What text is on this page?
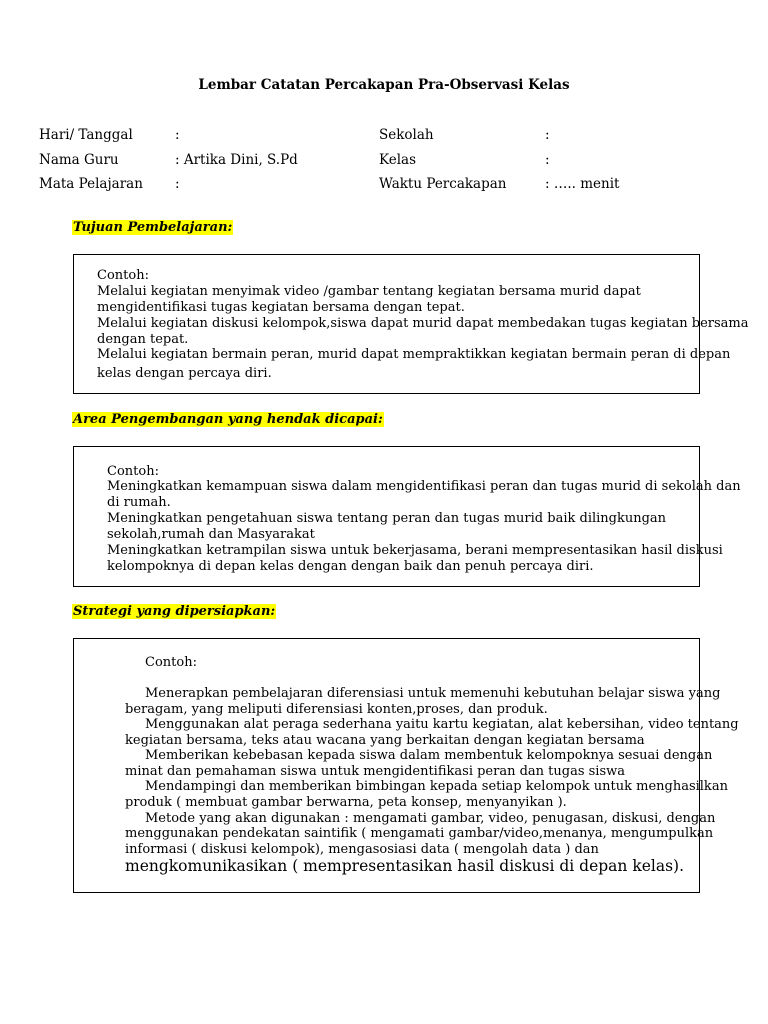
Lembar Catatan Percakapan Pra-Observasi Kelas
Hari/ Tanggal	:
Nama Guru	: Artika Dini, S.Pd
Mata Pelajaran :
Sekolah	:
Kelas	:
Waktu Percakapan	: ….. menit
Tujuan Pembelajaran:
Contoh:
Melalui kegiatan menyimak video /gambar tentang kegiatan bersama murid dapat
mengidentifikasi tugas kegiatan bersama dengan tepat.
Melalui kegiatan diskusi kelompok,siswa dapat murid dapat membedakan tugas kegiatan bersama
dengan tepat.
Melalui kegiatan bermain peran, murid dapat mempraktikkan kegiatan bermain peran di depan
kelas dengan percaya diri.
Area Pengembangan yang hendak dicapai:
Contoh:
Meningkatkan kemampuan siswa dalam mengidentifikasi peran dan tugas murid di sekolah dan
di rumah.
Meningkatkan pengetahuan siswa tentang peran dan tugas murid baik dilingkungan
sekolah,rumah dan Masyarakat
Meningkatkan ketrampilan siswa untuk bekerjasama, berani mempresentasikan hasil diskusi
kelompoknya di depan kelas dengan dengan baik dan penuh percaya diri.
Strategi yang dipersiapkan:
Contoh:
Menerapkan pembelajaran diferensiasi untuk memenuhi kebutuhan belajar siswa yang
beragam, yang meliputi diferensiasi konten,proses, dan produk.
Menggunakan alat peraga sederhana yaitu kartu kegiatan, alat kebersihan, video tentang
kegiatan bersama, teks atau wacana yang berkaitan dengan kegiatan bersama
Memberikan kebebasan kepada siswa dalam membentuk kelompoknya sesuai dengan
minat dan pemahaman siswa untuk mengidentifikasi peran dan tugas siswa
Mendampingi dan memberikan bimbingan kepada setiap kelompok untuk menghasilkan
produk ( membuat gambar berwarna, peta konsep, menyanyikan ).
Metode yang akan digunakan : mengamati gambar, video, penugasan, diskusi, dengan
menggunakan pendekatan saintifik ( mengamati gambar/video,menanya, mengumpulkan
informasi ( diskusi kelompok), mengasosiasi data ( mengolah data ) dan
mengkomunikasikan ( mempresentasikan hasil diskusi di depan kelas).
